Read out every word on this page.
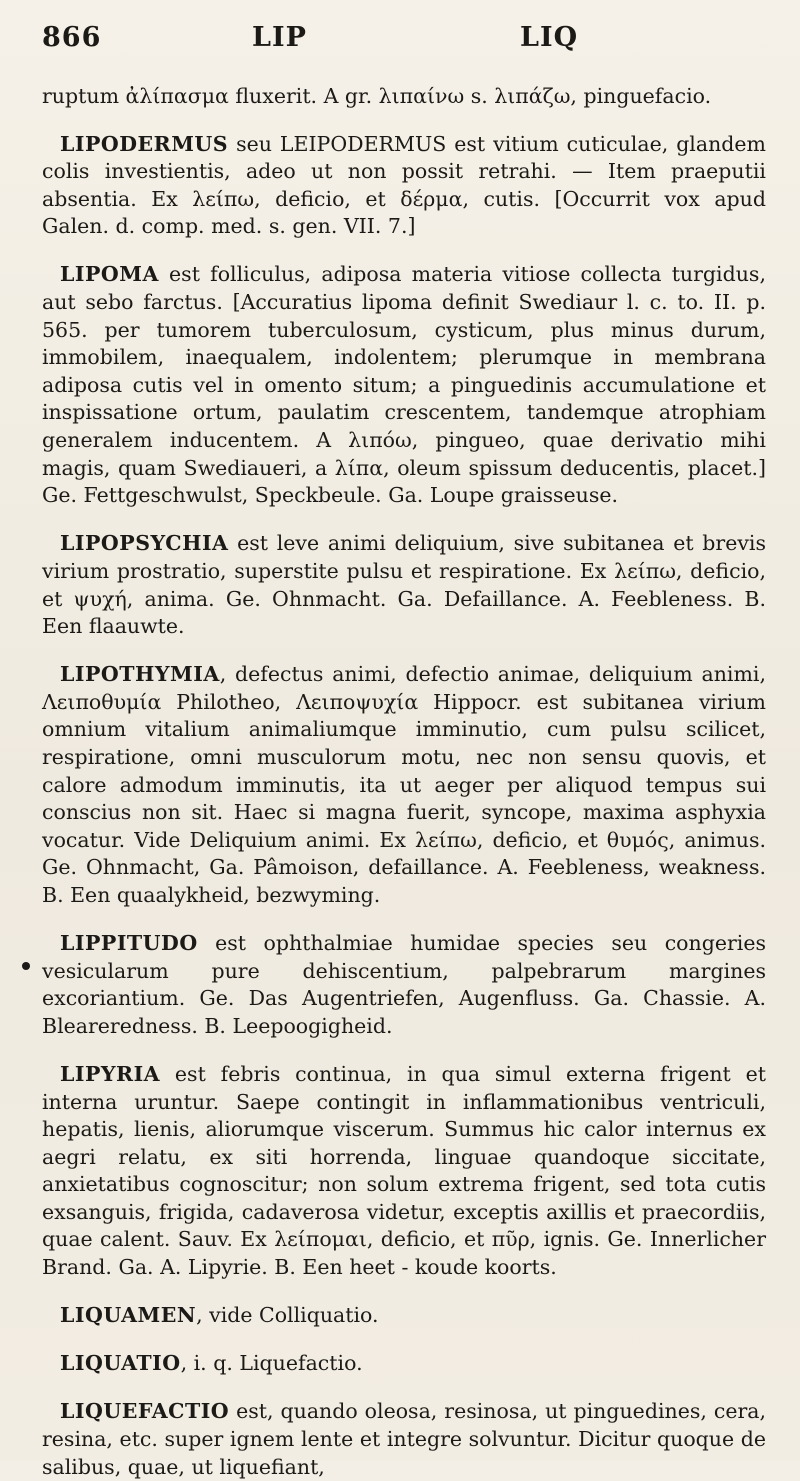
866	LIP	LIQ

ruptum ἀλίπασμα fluxerit. A gr. λιπαίνω s. λιπάζω, pinguefacio.

LIPODERMUS seu LEIPODERMUS est vitium cuticulae, glandem colis investientis, adeo ut non possit retrahi. — Item praeputii absentia. Ex λείπω, deficio, et δέρμα, cutis. [Occurrit vox apud Galen. d. comp. med. s. gen. VII. 7.]

LIPOMA est folliculus, adiposa materia vitiose collecta turgidus, aut sebo farctus. [Accuratius lipoma definit Swediaur l. c. to. II. p. 565. per tumorem tuberculosum, cysticum, plus minus durum, immobilem, inaequalem, indolentem; plerumque in membrana adiposa cutis vel in omento situm; a pinguedinis accumulatione et inspissatione ortum, paulatim crescentem, tandemque atrophiam generalem inducentem. A λιπόω, pingueo, quae derivatio mihi magis, quam Swediaueri, a λίπα, oleum spissum deducentis, placet.] Ge. Fettgeschwulst, Speckbeule. Ga. Loupe graisseuse.

LIPOPSYCHIA est leve animi deliquium, sive subitanea et brevis virium prostratio, superstite pulsu et respiratione. Ex λείπω, deficio, et ψυχή, anima. Ge. Ohnmacht. Ga. Defaillance. A. Feebleness. B. Een flaauwte.

LIPOTHYMIA, defectus animi, defectio animae, deliquium animi, Λειποθυμία Philotheo, Λειποψυχία Hippocr. est subitanea virium omnium vitalium animaliumque imminutio, cum pulsu scilicet, respiratione, omni musculorum motu, nec non sensu quovis, et calore admodum imminutis, ita ut aeger per aliquod tempus sui conscius non sit. Haec si magna fuerit, syncope, maxima asphyxia vocatur. Vide Deliquium animi. Ex λείπω, deficio, et θυμός, animus. Ge. Ohnmacht, Ga. Pâmoison, defaillance. A. Feebleness, weakness. B. Een quaalykheid, bezwyming.

LIPPITUDO est ophthalmiae humidae species seu congeries vesicularum pure dehiscentium, palpebrarum margines excoriantium. Ge. Das Augentriefen, Augenfluss. Ga. Chassie. A. Bleareredness. B. Leepoogigheid.

LIPYRIA est febris continua, in qua simul externa frigent et interna uruntur. Saepe contingit in inflammationibus ventriculi, hepatis, lienis, aliorumque viscerum. Summus hic calor internus ex aegri relatu, ex siti horrenda, linguae quandoque siccitate, anxietatibus cognoscitur; non solum extrema frigent, sed tota cutis exsanguis, frigida, cadaverosa videtur, exceptis axillis et praecordiis, quae calent. Sauv. Ex λείπομαι, deficio, et πῦρ, ignis. Ge. Innerlicher Brand. Ga. A. Lipyrie. B. Een heet - koude koorts.

LIQUAMEN, vide Colliquatio.

LIQUATIO, i. q. Liquefactio.

LIQUEFACTIO est, quando oleosa, resinosa, ut pinguedines, cera, resina, etc. super ignem lente et integre solvuntur. Dicitur quoque de salibus, quae, ut liquefiant,
